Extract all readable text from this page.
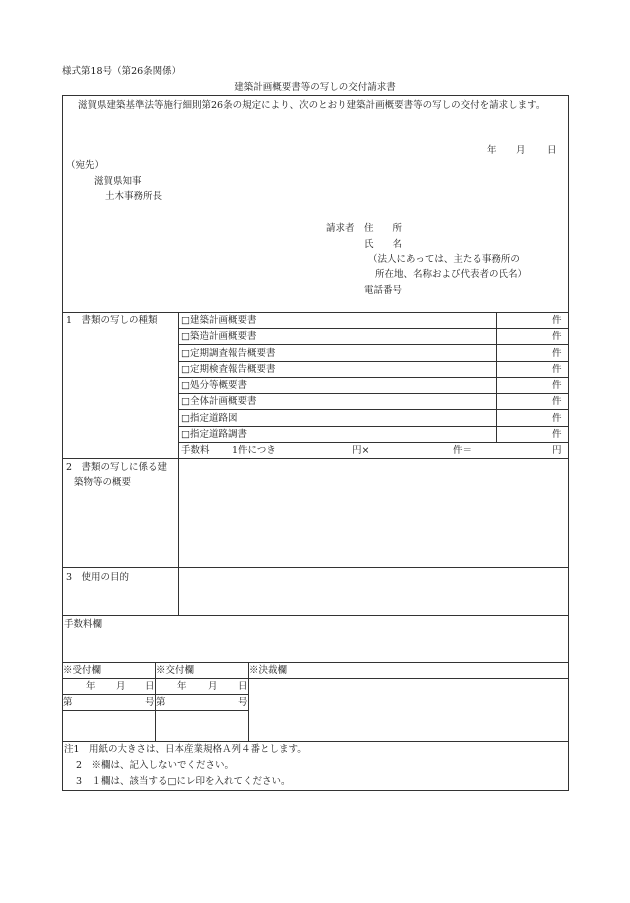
様式第18号（第26条関係）
建築計画概要書等の写しの交付請求書
滋賀県建築基準法等施行細則第26条の規定により、次のとおり建築計画概要書等の写しの交付を請求します。
年 月 日
（宛先）
滋賀県知事
土木事務所長
請求者 住　　所
氏　　名
（法人にあっては、主たる事務所の
所在地、名称および代表者の氏名）
電話番号
1　書類の写しの種類 □建築計画概要書	件
□築造計画概要書	件
□定期調査報告概要書	件
□定期検査報告概要書	件
□処分等概要書	件
□全体計画概要書	件
□指定道路図	件
□指定道路調書	件
手数料 1件につき	円×	件＝	円
2　書類の写しに係る建
築物等の概要
3　使用の目的
手数料欄
※受付欄	※交付欄	※決裁欄
年 月 日 年 月 日
第	号 第	号
注1　用紙の大きさは、日本産業規格Ａ列４番とします。
2　※欄は、記入しないでください。
3　１欄は、該当する□にレ印を入れてください。
